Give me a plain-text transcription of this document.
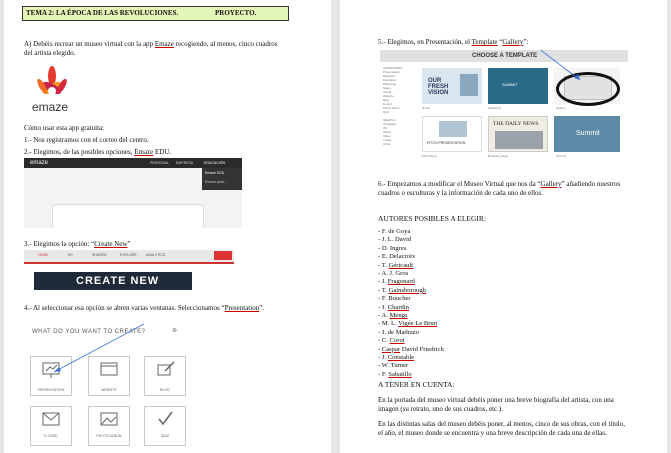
TEMA 2: LA ÉPOCA DE LAS REVOLUCIONES.	PROYECTO.
A) Debéis recrear un museo virtual con la app Emaze recogiendo, al menos, cinco cuadros del artista elegido.
emaze
Cómo usar esta app gratuita:
1.- Nos registramos con el correo del centro.
2.- Elegimos, de las posibles opciones, Emaze EDU.
emaze	PERSONAL EMPRESA	EDUCACIÓN
Emaze EDU
Emaze para...
3.- Elegimos la opción: “Create New”
HOME	MY	SHARED	EXPLORE	ANALYTICS
CREATE NEW
4.- Al seleccionar esa opción se abren varias ventanas. Seleccionamos “Presentation”.
WHAT DO YOU WANT TO CREATE?	⊗
PRESENTATION	WEBSITE	BLOG
E-CARD	PHOTO ALBUM	QUIZ
5.- Elegimos, en Presentación, el Template “Gallery”:
CHOOSE A TEMPLATE
CATEGORIES
Presentation
Business
Education
Marketing
Sales
Social
Website
Blog
E-card
Photo album
Quiz
SEARCH
Templates
3D
Slides
Video
Image
Other
OUR FRESH VISION
Home
SUMMIT
Academic	Gallery
PITCH PRESENTATION
Pitch Deck
THE DAILY NEWS
Breaking News
Summit
Summit
6.- Empezamos a modificar el Museo Virtual que nos da “Gallery” añadiendo nuestros cuadros o esculturas y la información de cada uno de ellos.
AUTORES POSIBLES A ELEGIR:
- F. de Goya
- J. L. David
- D. Ingres
- E. Delacroix
- T. Géricault
- A. J. Gros
- J. Fragonard
- T. Gainsborough
- F. Boucher
- J. Chardin
- A. Mengs
- M. L. Vigée Le Brun
- J. de Madrazo
- C. Corot
- Caspar David Friedrich
- J. Constable
- W. Turner
- F. Sabatillo
A TENER EN CUENTA:
En la portada del museo virtual debéis poner una breve biografía del artista, con una imagen (su retrato, uno de sus cuadros, etc.).
En las distintas salas del museo debéis poner, al menos, cinco de sus obras, con el título, el año, el museo donde se encuentra y una breve descripción de cada una de ellas.
